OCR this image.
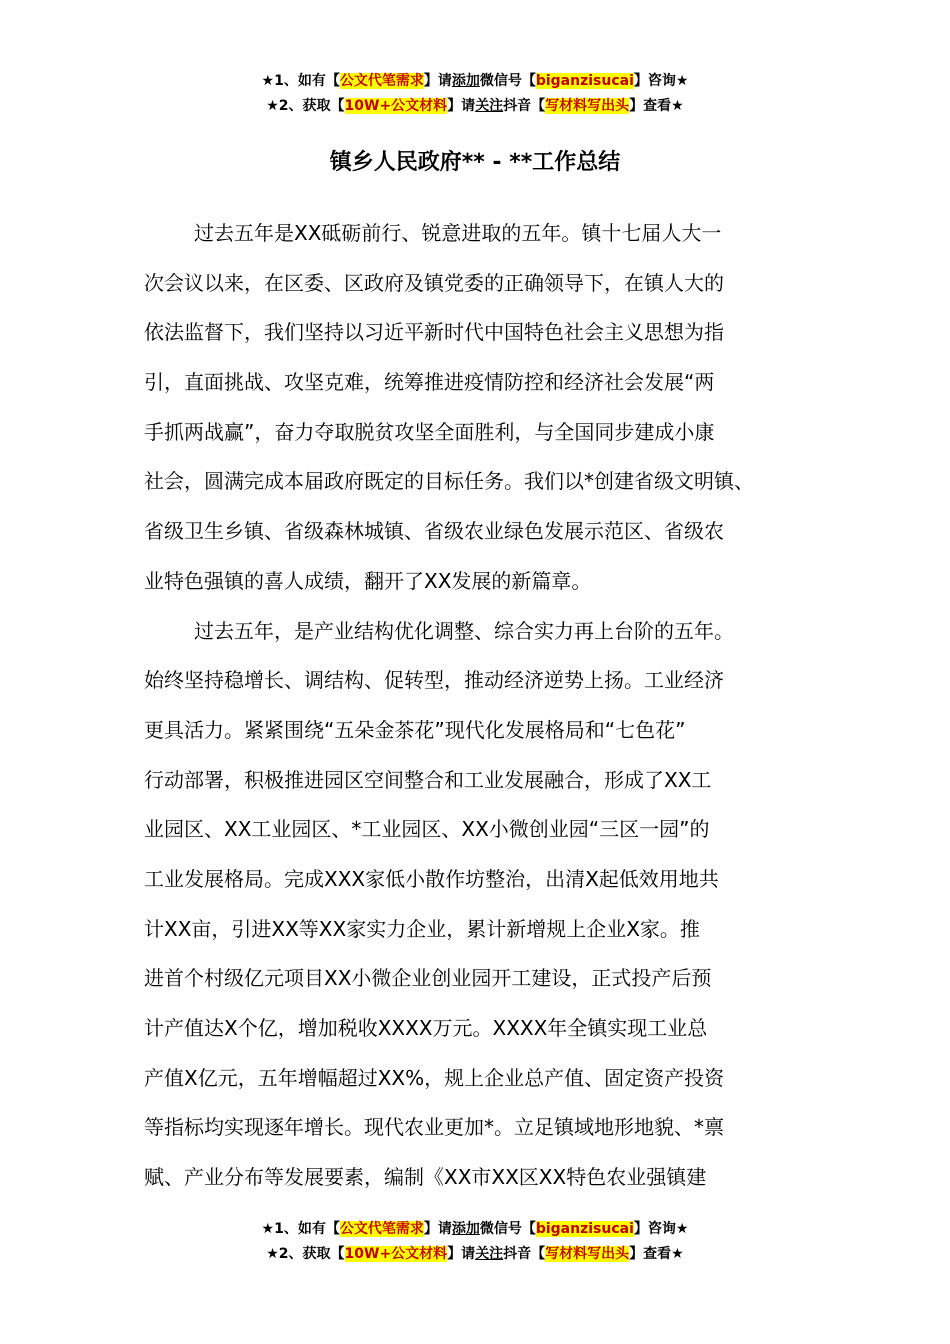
★1、如有【公文代笔需求】请添加微信号【biganzisucai】咨询★
★2、获取【10W+公文材料】请关注抖音【写材料写出头】查看★
镇乡人民政府** - **工作总结
过去五年是XX砥砺前行、锐意进取的五年。镇十七届人大一
次会议以来，在区委、区政府及镇党委的正确领导下，在镇人大的
依法监督下，我们坚持以习近平新时代中国特色社会主义思想为指
引，直面挑战、攻坚克难，统筹推进疫情防控和经济社会发展“两
手抓两战赢”，奋力夺取脱贫攻坚全面胜利，与全国同步建成小康
社会，圆满完成本届政府既定的目标任务。我们以*创建省级文明镇、
省级卫生乡镇、省级森林城镇、省级农业绿色发展示范区、省级农
业特色强镇的喜人成绩，翻开了XX发展的新篇章。
过去五年，是产业结构优化调整、综合实力再上台阶的五年。
始终坚持稳增长、调结构、促转型，推动经济逆势上扬。工业经济
更具活力。紧紧围绕“五朵金茶花”现代化发展格局和“七色花”
行动部署，积极推进园区空间整合和工业发展融合，形成了XX工
业园区、XX工业园区、*工业园区、XX小微创业园“三区一园”的
工业发展格局。完成XXX家低小散作坊整治，出清X起低效用地共
计XX亩，引进XX等XX家实力企业，累计新增规上企业X家。推
进首个村级亿元项目XX小微企业创业园开工建设，正式投产后预
计产值达X个亿，增加税收XXXX万元。XXXX年全镇实现工业总
产值X亿元，五年增幅超过XX%，规上企业总产值、固定资产投资
等指标均实现逐年增长。现代农业更加*。立足镇域地形地貌、*禀
赋、产业分布等发展要素，编制《XX市XX区XX特色农业强镇建
★1、如有【公文代笔需求】请添加微信号【biganzisucai】咨询★
★2、获取【10W+公文材料】请关注抖音【写材料写出头】查看★
